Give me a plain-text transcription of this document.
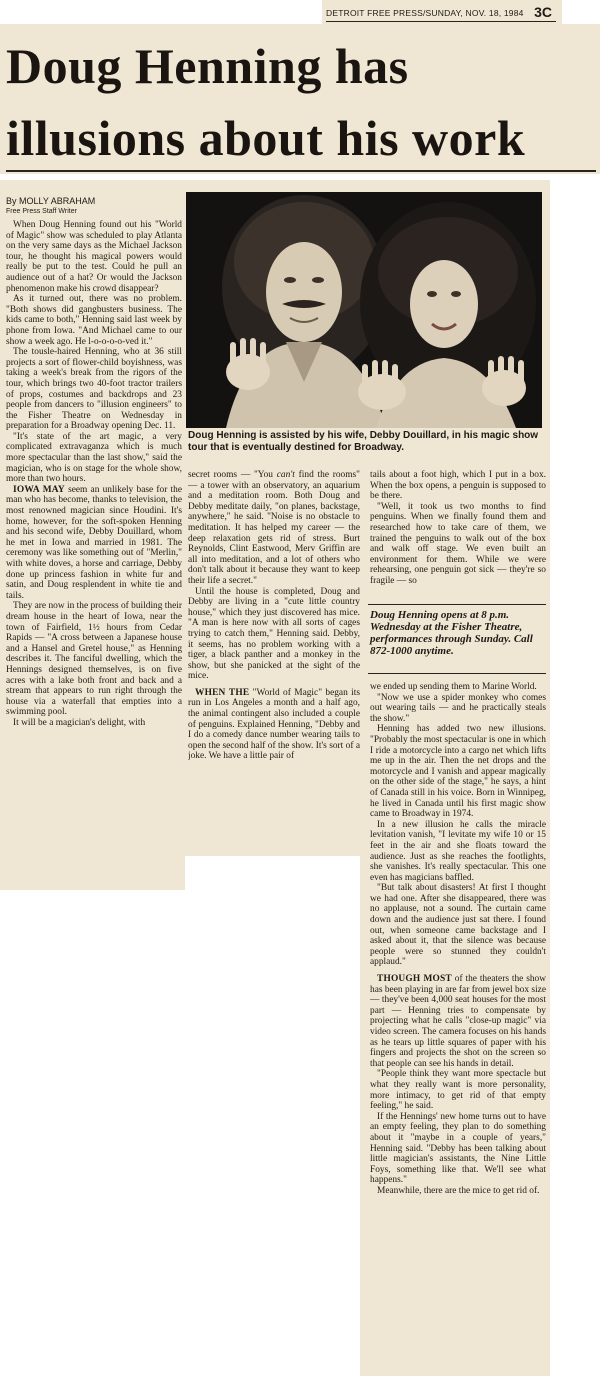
DETROIT FREE PRESS/SUNDAY, NOV. 18, 1984 3C
Doug Henning has
illusions about his work
By MOLLY ABRAHAM
Free Press Staff Writer
Doug Henning is assisted by his wife, Debby Douillard, in his magic show tour that is eventually destined for Broadway.

When Doug Henning found out his "World of Magic" show was scheduled to play Atlanta on the very same days as the Michael Jackson tour, he thought his magical powers would really be put to the test. Could he pull an audience out of a hat? Or would the Jackson phenomenon make his crowd disappear?

As it turned out, there was no problem. "Both shows did gangbusters business. The kids came to both," Henning said last week by phone from Iowa. "And Michael came to our show a week ago. He l-o-o-o-o-ved it."

The tousle-haired Henning, who at 36 still projects a sort of flower-child boyishness, was taking a week's break from the rigors of the tour, which brings two 40-foot tractor trailers of props, costumes and backdrops and 23 people from dancers to "illusion engineers" to the Fisher Theatre on Wednesday in preparation for a Broadway opening Dec. 11.

"It's state of the art magic, a very complicated extravaganza which is much more spectacular than the last show," said the magician, who is on stage for the whole show, more than two hours.

IOWA MAY seem an unlikely base for the man who has become, thanks to television, the most renowned magician since Houdini. It's home, however, for the soft-spoken Henning and his second wife, Debby Douillard, whom he met in Iowa and married in 1981. The ceremony was like something out of "Merlin," with white doves, a horse and carriage, Debby done up princess fashion in white fur and satin, and Doug resplendent in white tie and tails.

They are now in the process of building their dream house in the heart of Iowa, near the town of Fairfield, 1½ hours from Cedar Rapids — "A cross between a Japanese house and a Hansel and Gretel house," as Henning describes it. The fanciful dwelling, which the Hennings designed themselves, is on five acres with a lake both front and back and a stream that appears to run right through the house via a waterfall that empties into a swimming pool.

It will be a magician's delight, with

secret rooms — "You can't find the rooms" — a tower with an observatory, an aquarium and a meditation room. Both Doug and Debby meditate daily, "on planes, backstage, anywhere," he said. "Noise is no obstacle to meditation. It has helped my career — the deep relaxation gets rid of stress. Burt Reynolds, Clint Eastwood, Merv Griffin are all into meditation, and a lot of others who don't talk about it because they want to keep their life a secret."

Until the house is completed, Doug and Debby are living in a "cute little country house," which they just discovered has mice. "A man is here now with all sorts of cages trying to catch them," Henning said. Debby, it seems, has no problem working with a tiger, a black panther and a monkey in the show, but she panicked at the sight of the mice.

WHEN THE "World of Magic" began its run in Los Angeles a month and a half ago, the animal contingent also included a couple of penguins. Explained Henning, "Debby and I do a comedy dance number wearing tails to open the second half of the show. It's sort of a joke. We have a little pair of

tails about a foot high, which I put in a box. When the box opens, a penguin is supposed to be there.

"Well, it took us two months to find penguins. When we finally found them and researched how to take care of them, we trained the penguins to walk out of the box and walk off stage. We even built an environment for them. While we were rehearsing, one penguin got sick — they're so fragile — so

Doug Henning opens at 8 p.m. Wednesday at the Fisher Theatre, performances through Sunday. Call 872-1000 anytime.

we ended up sending them to Marine World.

"Now we use a spider monkey who comes out wearing tails — and he practically steals the show."

Henning has added two new illusions. "Probably the most spectacular is one in which I ride a motorcycle into a cargo net which lifts me up in the air. Then the net drops and the motorcycle and I vanish and appear magically on the other side of the stage," he says, a hint of Canada still in his voice. Born in Winnipeg, he lived in Canada until his first magic show came to Broadway in 1974.

In a new illusion he calls the miracle levitation vanish, "I levitate my wife 10 or 15 feet in the air and she floats toward the audience. Just as she reaches the footlights, she vanishes. It's really spectacular. This one even has magicians baffled.

"But talk about disasters! At first I thought we had one. After she disappeared, there was no applause, not a sound. The curtain came down and the audience just sat there. I found out, when someone came backstage and I asked about it, that the silence was because people were so stunned they couldn't applaud."

THOUGH MOST of the theaters the show has been playing in are far from jewel box size — they've been 4,000 seat houses for the most part — Henning tries to compensate by projecting what he calls "close-up magic" via video screen. The camera focuses on his hands as he tears up little squares of paper with his fingers and projects the shot on the screen so that people can see his hands in detail.

"People think they want more spectacle but what they really want is more personality, more intimacy, to get rid of that empty feeling," he said.

If the Hennings' new home turns out to have an empty feeling, they plan to do something about it "maybe in a couple of years," Henning said. "Debby has been talking about little magician's assistants, the Nine Little Foys, something like that. We'll see what happens."

Meanwhile, there are the mice to get rid of.
